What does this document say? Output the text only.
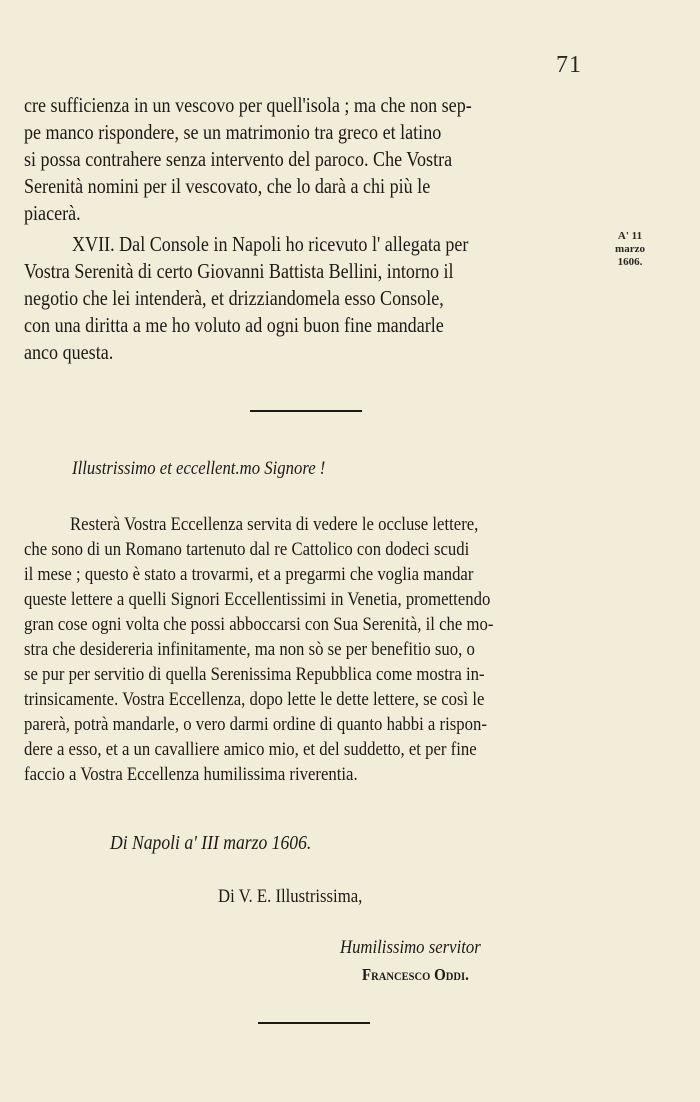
71
cre sufficienza in un vescovo per quell'isola ; ma che non sep-
pe manco rispondere, se un matrimonio tra greco et latino
si possa contrahere senza intervento del paroco. Che Vostra
Serenità nomini per il vescovato, che lo darà a chi più le
piacerà.
XVII. Dal Console in Napoli ho ricevuto l' allegata per
Vostra Serenità di certo Giovanni Battista Bellini, intorno il
negotio che lei intenderà, et drizziandomela esso Console,
con una diritta a me ho voluto ad ogni buon fine mandarle
anco questa.
A' 11
marzo
1606.
Illustrissimo et eccellent.mo Signore !
Resterà Vostra Eccellenza servita di vedere le occluse lettere,
che sono di un Romano tartenuto dal re Cattolico con dodeci scudi
il mese ; questo è stato a trovarmi, et a pregarmi che voglia mandar
queste lettere a quelli Signori Eccellentissimi in Venetia, promettendo
gran cose ogni volta che possi abboccarsi con Sua Serenità, il che mo-
stra che desidereria infinitamente, ma non sò se per benefitio suo, o
se pur per servitio di quella Serenissima Repubblica come mostra in-
trinsicamente. Vostra Eccellenza, dopo lette le dette lettere, se così le
parerà, potrà mandarle, o vero darmi ordine di quanto habbi a rispon-
dere a esso, et a un cavalliere amico mio, et del suddetto, et per fine
faccio a Vostra Eccellenza humilissima riverentia.
Di Napoli a' III marzo 1606.
Di V. E. Illustrissima,
Humilissimo servitor
Francesco Oddi.
